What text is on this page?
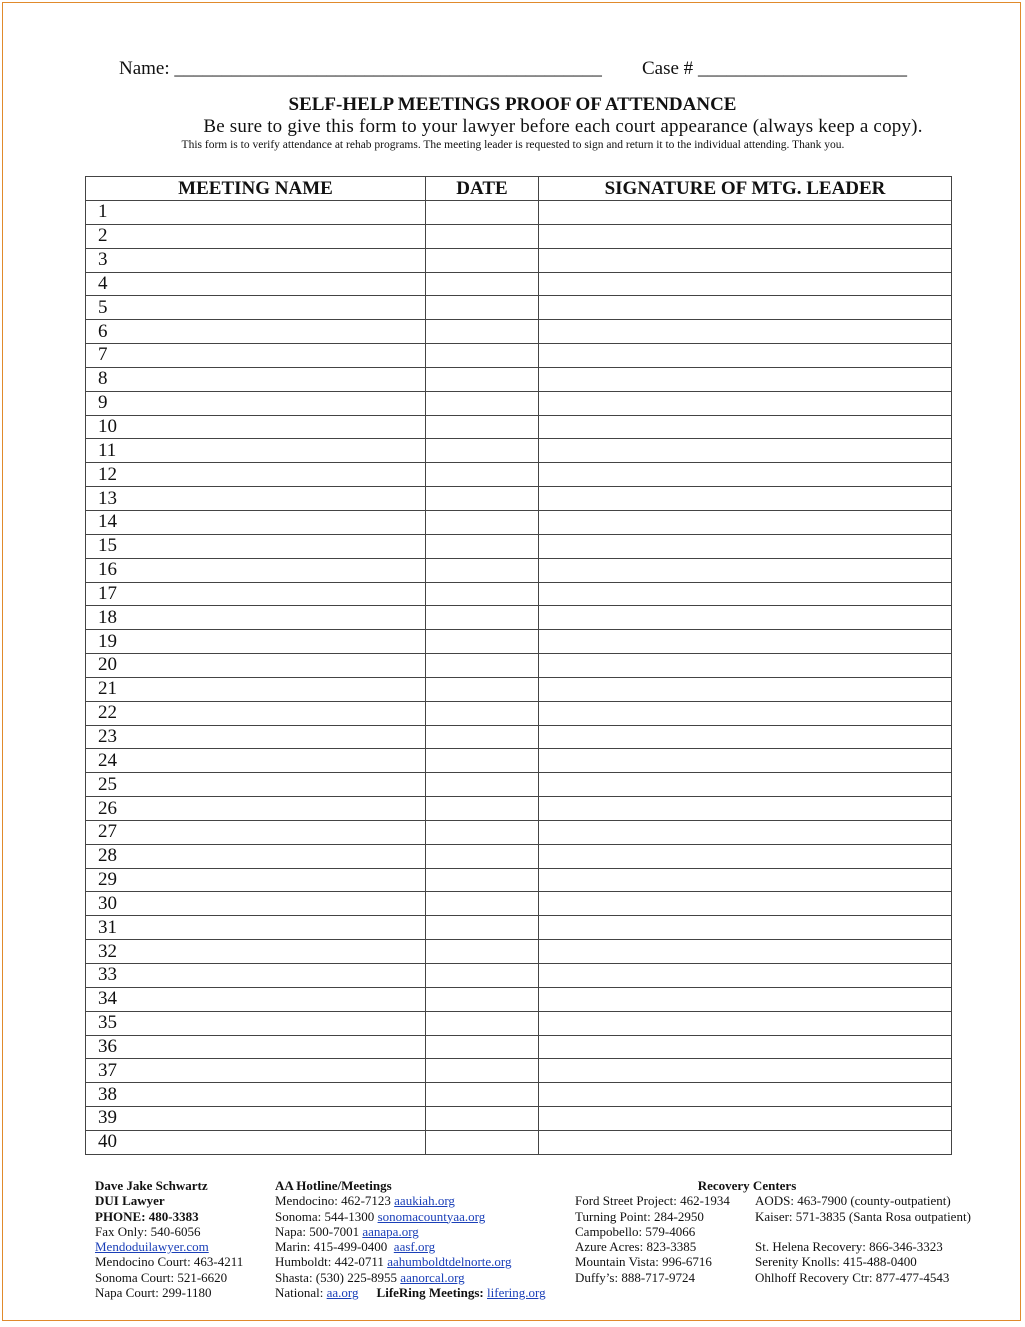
Name: _____________________________________________ Case # ______________________
SELF-HELP MEETINGS PROOF OF ATTENDANCE
Be sure to give this form to your lawyer before each court appearance (always keep a copy).
This form is to verify attendance at rehab programs. The meeting leader is requested to sign and return it to the individual attending. Thank you.
MEETING NAME	DATE	SIGNATURE OF MTG. LEADER
1		
2		
3		
4		
5		
6		
7		
8		
9		
10		
11		
12		
13		
14		
15		
16		
17		
18		
19		
20		
21		
22		
23		
24		
25		
26		
27		
28		
29		
30		
31		
32		
33		
34		
35		
36		
37		
38		
39		
40		
Dave Jake Schwartz
DUI Lawyer
PHONE: 480-3383
Fax Only: 540-6056
Mendoduilawyer.com
Mendocino Court: 463-4211
Sonoma Court: 521-6620
Napa Court: 299-1180
AA Hotline/Meetings
Mendocino: 462-7123 aaukiah.org
Sonoma: 544-1300 sonomacountyaa.org
Napa: 500-7001 aanapa.org
Marin: 415-499-0400 aasf.org
Humboldt: 442-0711 aahumboldtdelnorte.org
Shasta: (530) 225-8955 aanorcal.org
National: aa.org LifeRing Meetings: lifering.org
Recovery Centers
Ford Street Project: 462-1934
Turning Point: 284-2950
Campobello: 579-4066
Azure Acres: 823-3385
Mountain Vista: 996-6716
Duffy’s: 888-717-9724
AODS: 463-7900 (county-outpatient)
Kaiser: 571-3835 (Santa Rosa outpatient)
St. Helena Recovery: 866-346-3323
Serenity Knolls: 415-488-0400
Ohlhoff Recovery Ctr: 877-477-4543
